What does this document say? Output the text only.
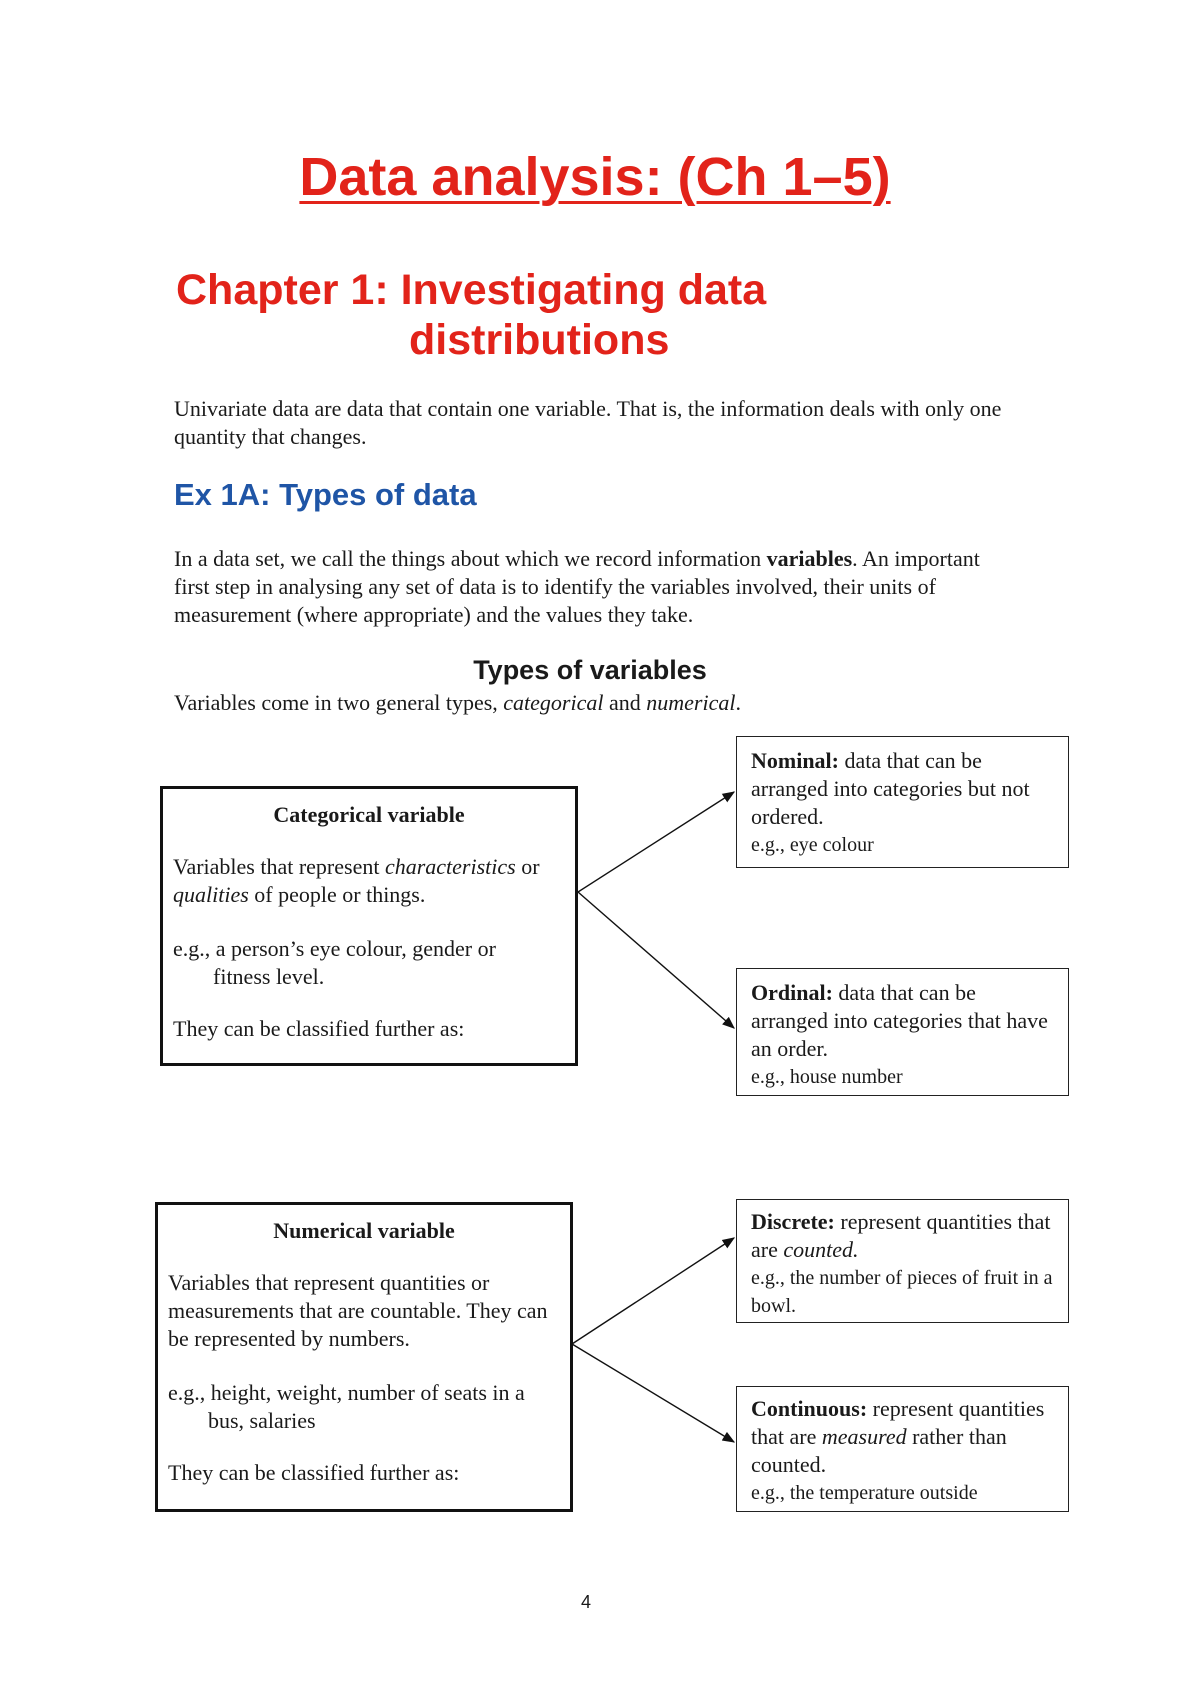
Data analysis: (Ch 1–5)
Chapter 1: Investigating data
distributions

Univariate data are data that contain one variable. That is, the information deals with only one quantity that changes.

Ex 1A: Types of data

In a data set, we call the things about which we record information variables. An important first step in analysing any set of data is to identify the variables involved, their units of measurement (where appropriate) and the values they take.

Types of variables

Variables come in two general types, categorical and numerical.

Categorical variable

Variables that represent characteristics or qualities of people or things.

e.g., a person’s eye colour, gender or
fitness level.

They can be classified further as:

Nominal: data that can be arranged into categories but not ordered.

e.g., eye colour

Ordinal: data that can be arranged into categories that have an order.

e.g., house number

Numerical variable

Variables that represent quantities or measurements that are countable. They can be represented by numbers.

e.g., height, weight, number of seats in a
bus, salaries

They can be classified further as:

Discrete: represent quantities that are counted.

e.g., the number of pieces of fruit in a bowl.

Continuous: represent quantities that are measured rather than counted.

e.g., the temperature outside

4
